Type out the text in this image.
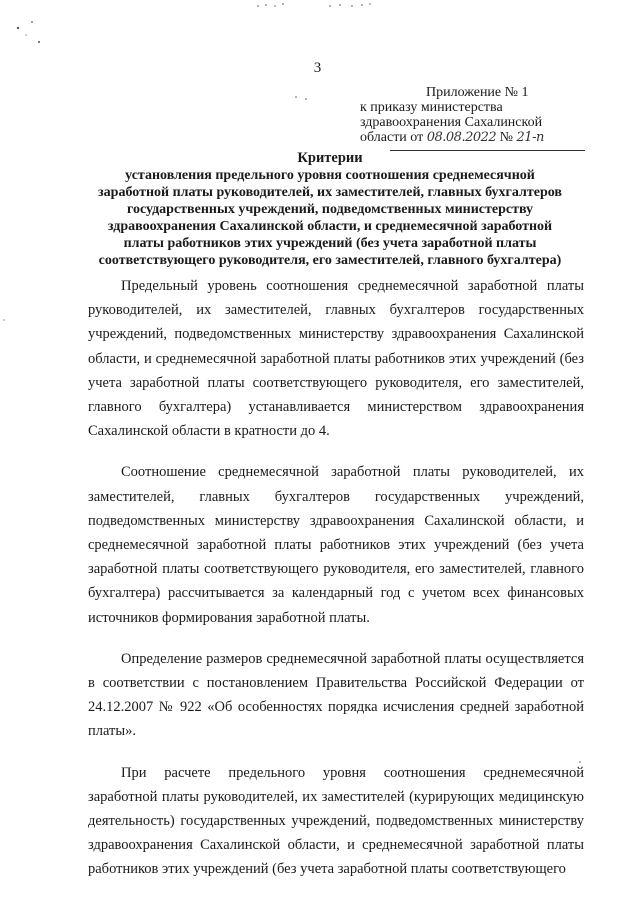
3
Приложение № 1
к приказу министерства
здравоохранения Сахалинской
области от 08.08.2022 № 21-п
Критерии
установления предельного уровня соотношения среднемесячной
заработной платы руководителей, их заместителей, главных бухгалтеров
государственных учреждений, подведомственных министерству
здравоохранения Сахалинской области, и среднемесячной заработной
платы работников этих учреждений (без учета заработной платы
соответствующего руководителя, его заместителей, главного бухгалтера)

Предельный уровень соотношения среднемесячной заработной платы руководителей, их заместителей, главных бухгалтеров государственных учреждений, подведомственных министерству здравоохранения Сахалинской области, и среднемесячной заработной платы работников этих учреждений (без учета заработной платы соответствующего руководителя, его заместителей, главного бухгалтера) устанавливается министерством здравоохранения Сахалинской области в кратности до 4.

Соотношение среднемесячной заработной платы руководителей, их заместителей, главных бухгалтеров государственных учреждений, подведомственных министерству здравоохранения Сахалинской области, и среднемесячной заработной платы работников этих учреждений (без учета заработной платы соответствующего руководителя, его заместителей, главного бухгалтера) рассчитывается за календарный год с учетом всех финансовых источников формирования заработной платы.

Определение размеров среднемесячной заработной платы осуществляется в соответствии с постановлением Правительства Российской Федерации от 24.12.2007 № 922 «Об особенностях порядка исчисления средней заработной платы».

При расчете предельного уровня соотношения среднемесячной заработной платы руководителей, их заместителей (курирующих медицинскую деятельность) государственных учреждений, подведомственных министерству здравоохранения Сахалинской области, и среднемесячной заработной платы работников этих учреждений (без учета заработной платы соответствующего
